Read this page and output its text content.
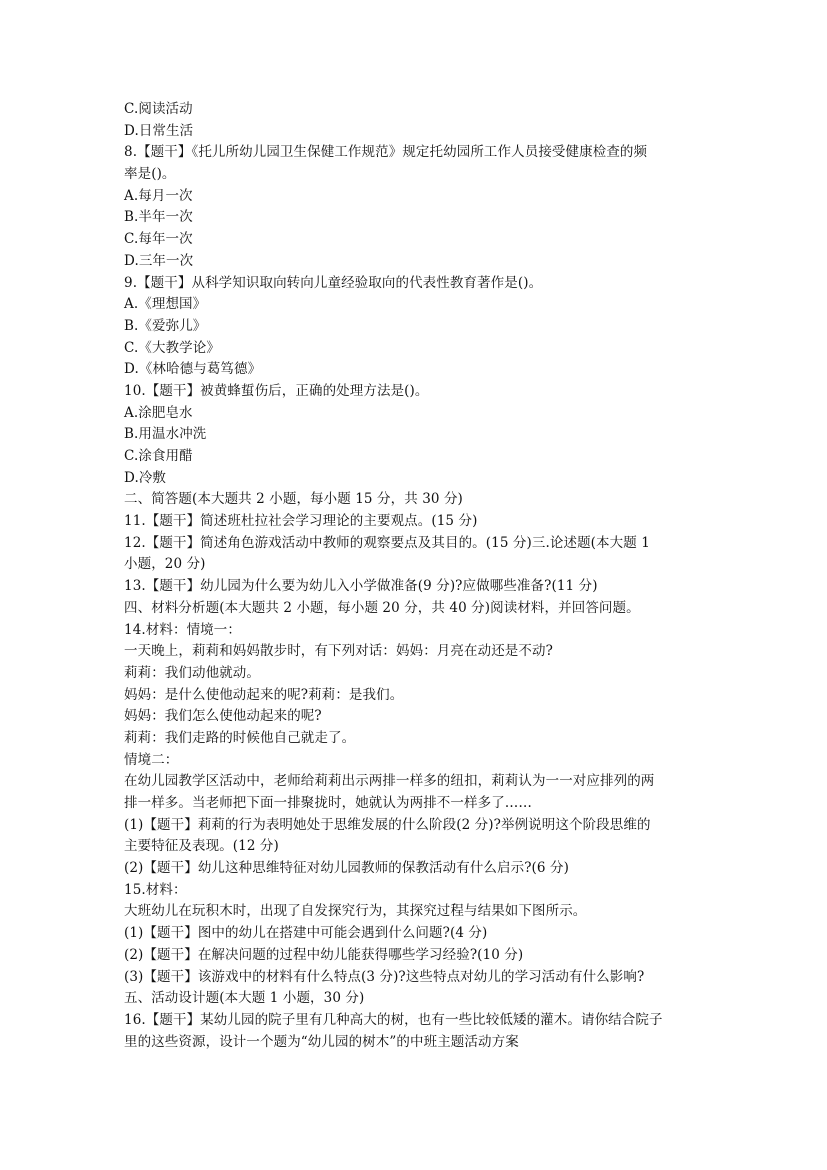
C.阅读活动
D.日常生活
8.【题干】《托儿所幼儿园卫生保健工作规范》规定托幼园所工作人员接受健康检查的频
率是()。
A.每月一次
B.半年一次
C.每年一次
D.三年一次
9.【题干】从科学知识取向转向儿童经验取向的代表性教育著作是()。
A.《理想国》
B.《爱弥儿》
C.《大教学论》
D.《林哈德与葛笃德》
10.【题干】被黄蜂蜇伤后，正确的处理方法是()。
A.涂肥皂水
B.用温水冲洗
C.涂食用醋
D.冷敷
二、简答题(本大题共 2 小题，每小题 15 分，共 30 分)
11.【题干】简述班杜拉社会学习理论的主要观点。(15 分)
12.【题干】简述角色游戏活动中教师的观察要点及其目的。(15 分)三.论述题(本大题 1
小题，20 分)
13.【题干】幼儿园为什么要为幼儿入小学做准备(9 分)?应做哪些准备?(11 分)
四、材料分析题(本大题共 2 小题，每小题 20 分，共 40 分)阅读材料，并回答问题。
14.材料：情境一：
一天晚上，莉莉和妈妈散步时，有下列对话：妈妈：月亮在动还是不动?
莉莉：我们动他就动。
妈妈：是什么使他动起来的呢?莉莉：是我们。
妈妈：我们怎么使他动起来的呢?
莉莉：我们走路的时候他自己就走了。
情境二：
在幼儿园教学区活动中，老师给莉莉出示两排一样多的纽扣，莉莉认为一一对应排列的两
排一样多。当老师把下面一排聚拢时，她就认为两排不一样多了……
(1)【题干】莉莉的行为表明她处于思维发展的什么阶段(2 分)?举例说明这个阶段思维的
主要特征及表现。(12 分)
(2)【题干】幼儿这种思维特征对幼儿园教师的保教活动有什么启示?(6 分)
15.材料：
大班幼儿在玩积木时，出现了自发探究行为，其探究过程与结果如下图所示。
(1)【题干】图中的幼儿在搭建中可能会遇到什么问题?(4 分)
(2)【题干】在解决问题的过程中幼儿能获得哪些学习经验?(10 分)
(3)【题干】该游戏中的材料有什么特点(3 分)?这些特点对幼儿的学习活动有什么影响?
五、活动设计题(本大题 1 小题，30 分)
16.【题干】某幼儿园的院子里有几种高大的树，也有一些比较低矮的灌木。请你结合院子
里的这些资源，设计一个题为“幼儿园的树木”的中班主题活动方案
